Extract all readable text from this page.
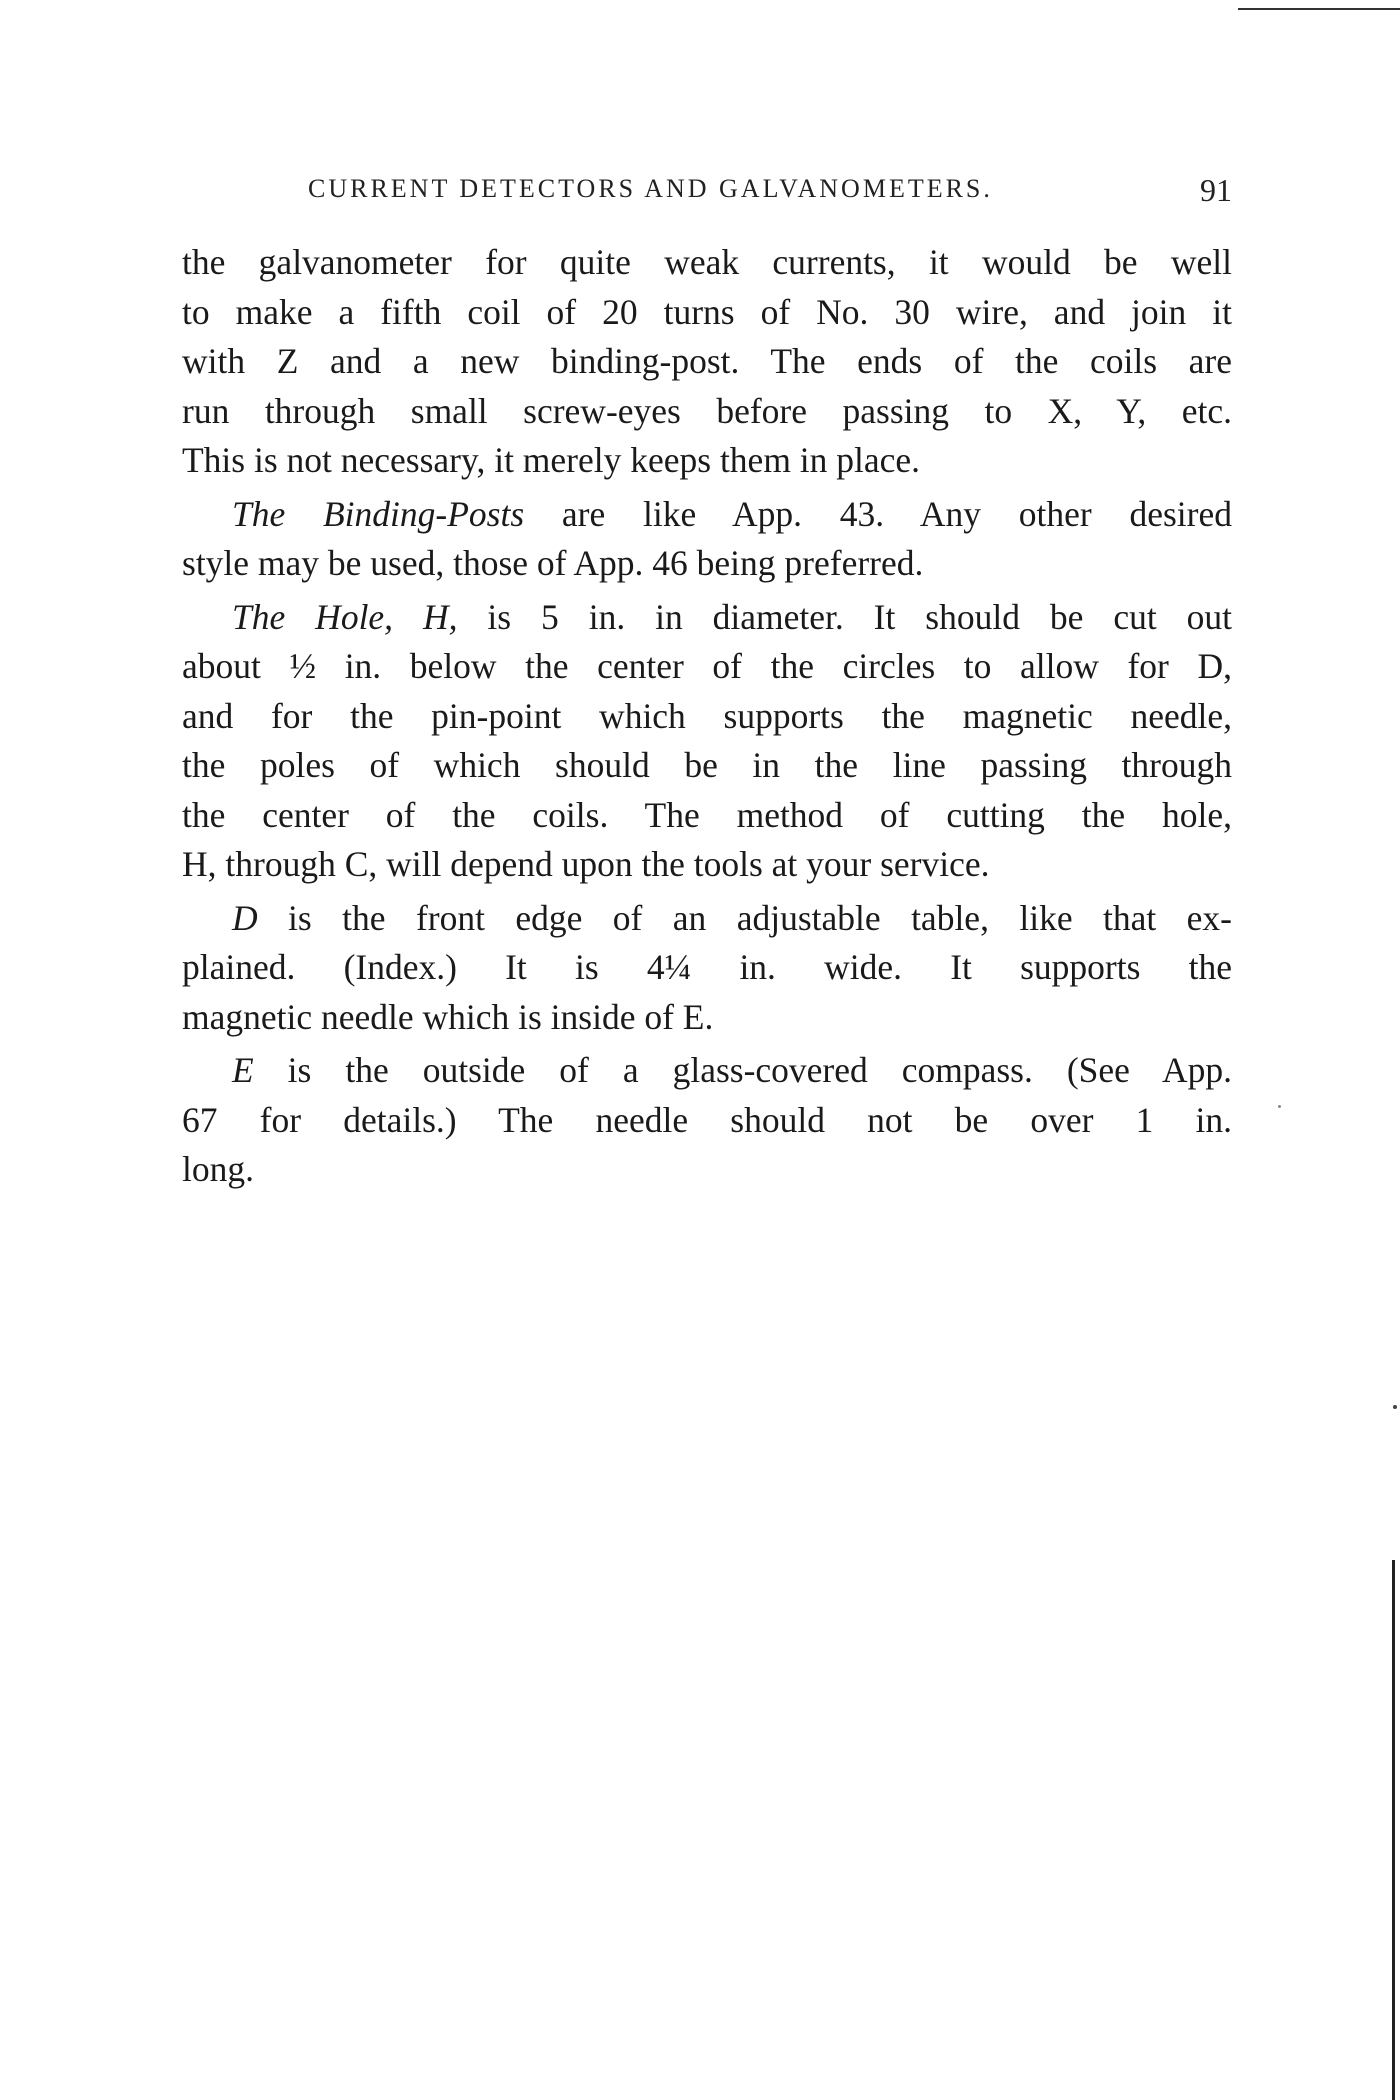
CURRENT DETECTORS AND GALVANOMETERS.	91

the galvanometer for quite weak currents, it would be well
to make a fifth coil of 20 turns of No. 30 wire, and join it
with Z and a new binding-post. The ends of the coils are
run through small screw-eyes before passing to X, Y, etc.
This is not necessary, it merely keeps them in place.

The Binding-Posts are like App. 43. Any other desired
style may be used, those of App. 46 being preferred.

The Hole, H, is 5 in. in diameter. It should be cut out
about ½ in. below the center of the circles to allow for D,
and for the pin-point which supports the magnetic needle,
the poles of which should be in the line passing through
the center of the coils. The method of cutting the hole,
H, through C, will depend upon the tools at your service.

D is the front edge of an adjustable table, like that ex-
plained. (Index.) It is 4¼ in. wide. It supports the
magnetic needle which is inside of E.

E is the outside of a glass-covered compass. (See App.
67 for details.) The needle should not be over 1 in.
long.
